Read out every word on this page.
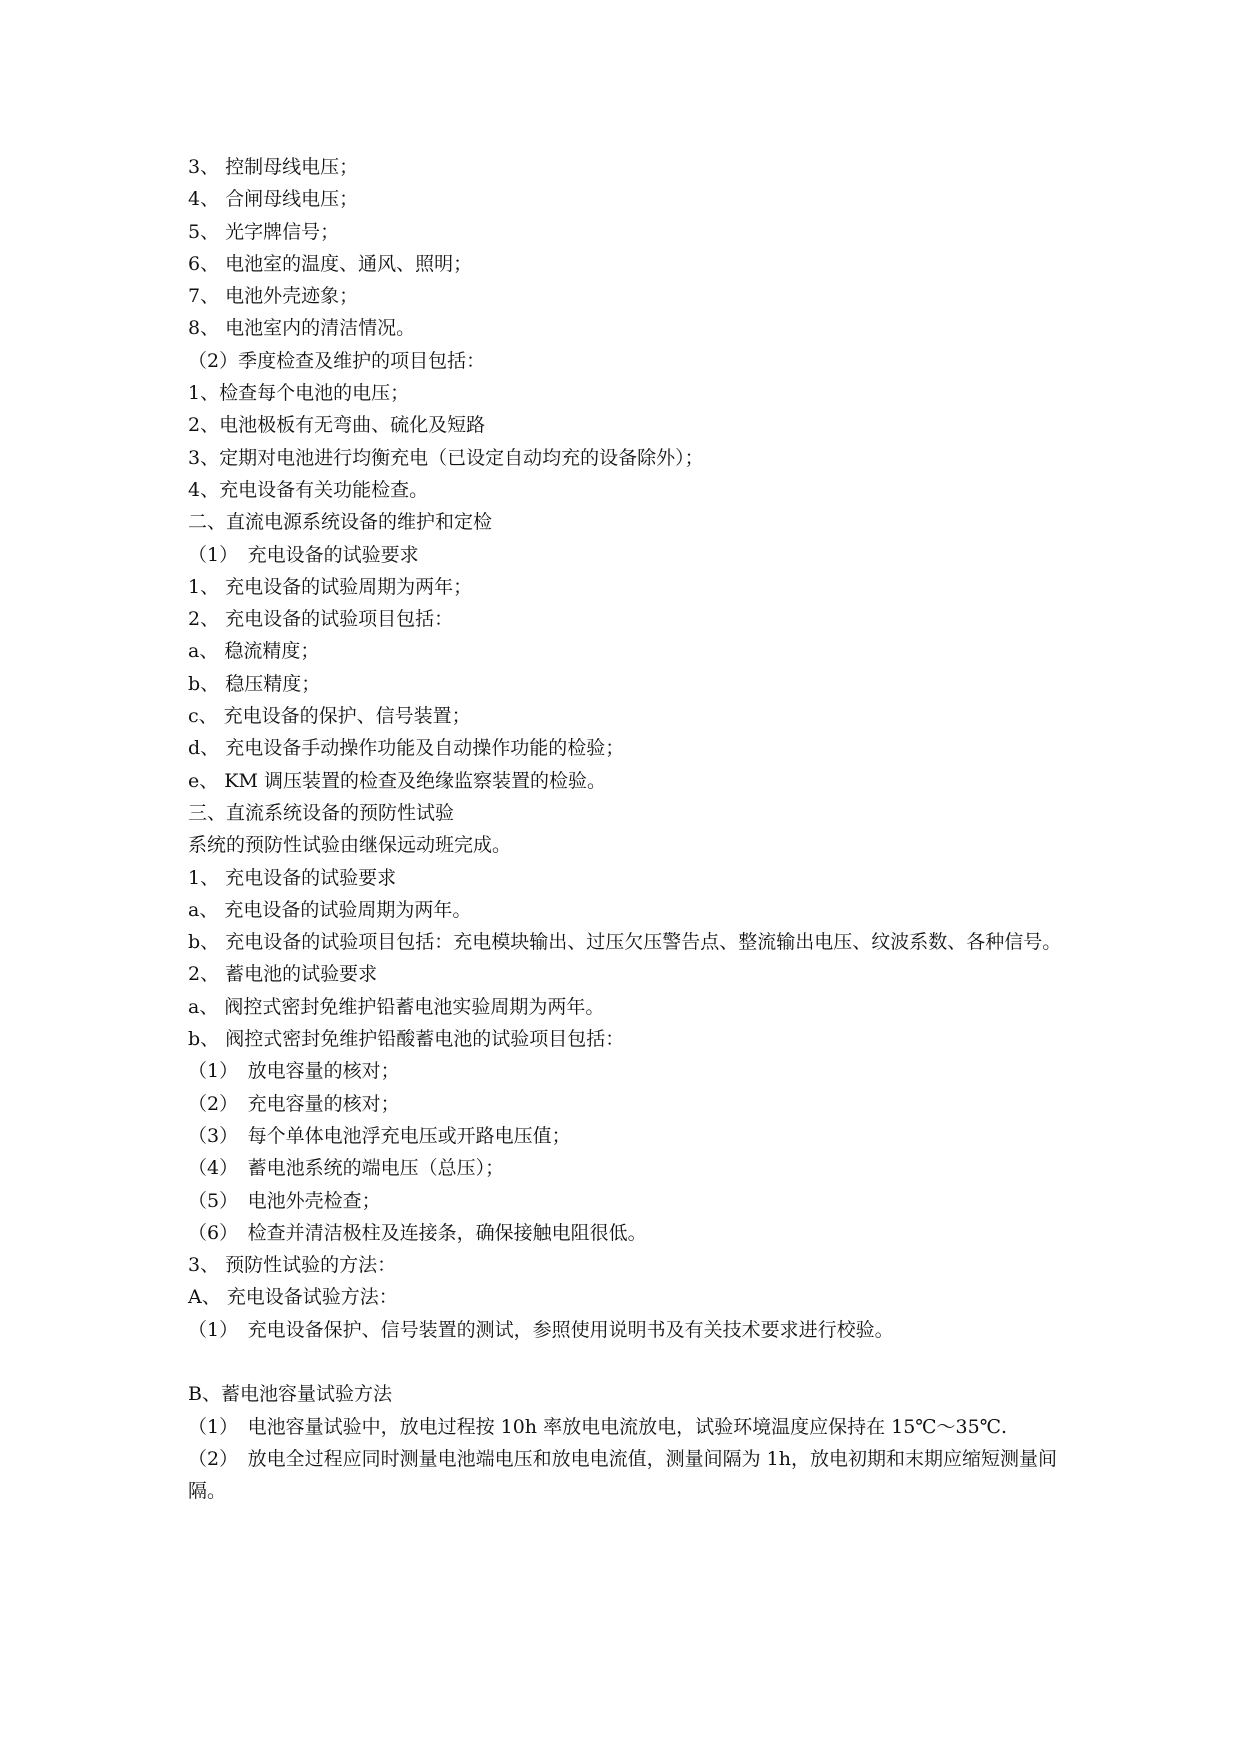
3、 控制母线电压；
4、 合闸母线电压；
5、 光字牌信号；
6、 电池室的温度、通风、照明；
7、 电池外壳迹象；
8、 电池室内的清洁情况。
（2）季度检查及维护的项目包括：
1、检查每个电池的电压；
2、电池极板有无弯曲、硫化及短路
3、定期对电池进行均衡充电（已设定自动均充的设备除外）；
4、充电设备有关功能检查。
二、直流电源系统设备的维护和定检
（1）　充电设备的试验要求
1、 充电设备的试验周期为两年；
2、 充电设备的试验项目包括：
a、 稳流精度；
b、 稳压精度；
c、 充电设备的保护、信号装置；
d、 充电设备手动操作功能及自动操作功能的检验；
e、 KM 调压装置的检查及绝缘监察装置的检验。
三、直流系统设备的预防性试验
系统的预防性试验由继保远动班完成。
1、 充电设备的试验要求
a、 充电设备的试验周期为两年。
b、 充电设备的试验项目包括：充电模块输出、过压欠压警告点、整流输出电压、纹波系数、各种信号。
2、 蓄电池的试验要求
a、 阀控式密封免维护铅蓄电池实验周期为两年。
b、 阀控式密封免维护铅酸蓄电池的试验项目包括：
（1）　放电容量的核对；
（2）　充电容量的核对；
（3）　每个单体电池浮充电压或开路电压值；
（4）　蓄电池系统的端电压（总压）；
（5）　电池外壳检查；
（6）　检查并清洁极柱及连接条，确保接触电阻很低。
3、 预防性试验的方法：
A、 充电设备试验方法：
（1）　充电设备保护、信号装置的测试，参照使用说明书及有关技术要求进行校验。
B、蓄电池容量试验方法
（1）　电池容量试验中，放电过程按 10h 率放电电流放电，试验环境温度应保持在 15℃～35℃.
（2）　放电全过程应同时测量电池端电压和放电电流值，测量间隔为 1h，放电初期和末期应缩短测量间隔。
